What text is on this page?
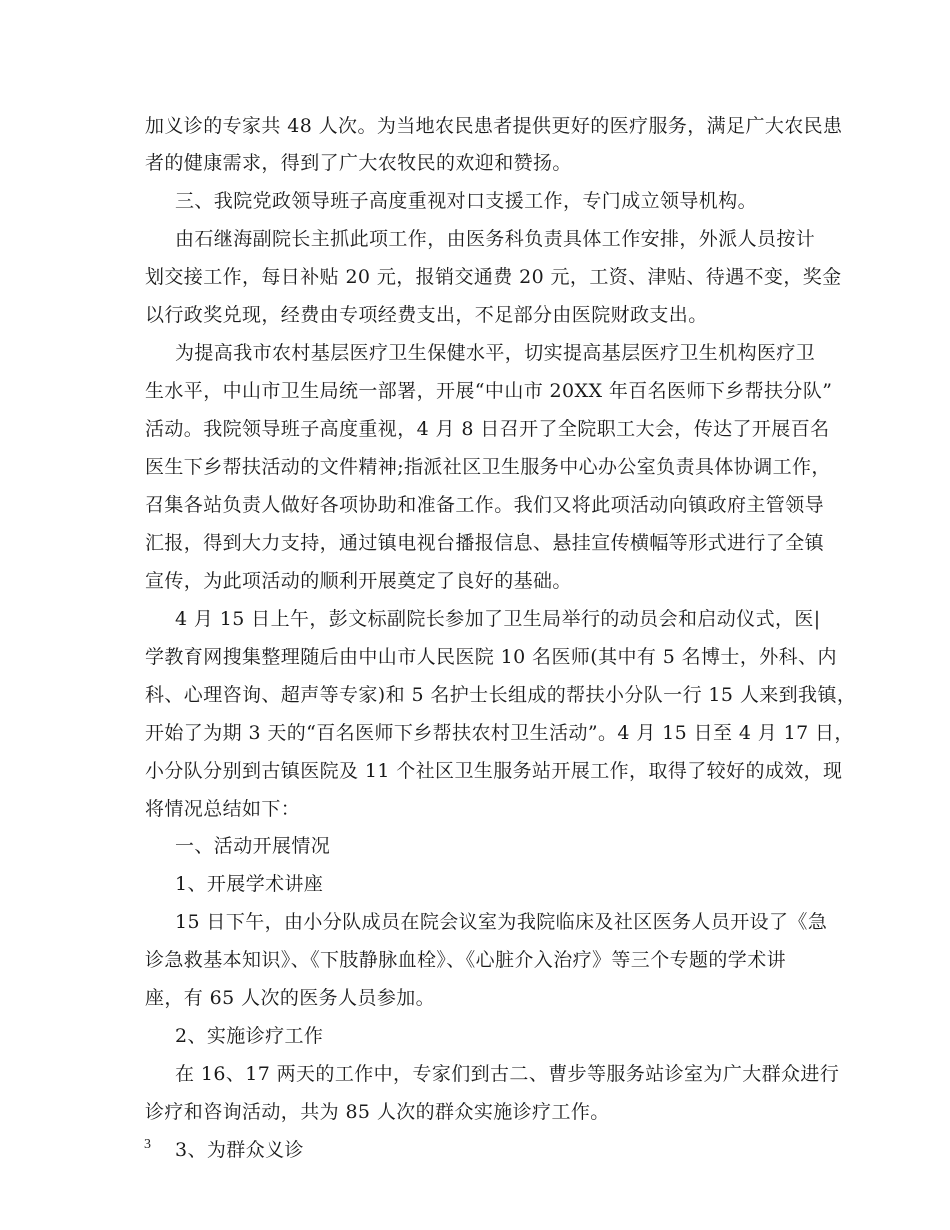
加义诊的专家共 48 人次。为当地农民患者提供更好的医疗服务，满足广大农民患
者的健康需求，得到了广大农牧民的欢迎和赞扬。
三、我院党政领导班子高度重视对口支援工作，专门成立领导机构。
由石继海副院长主抓此项工作，由医务科负责具体工作安排，外派人员按计
划交接工作，每日补贴 20 元，报销交通费 20 元，工资、津贴、待遇不变，奖金
以行政奖兑现，经费由专项经费支出，不足部分由医院财政支出。
为提高我市农村基层医疗卫生保健水平，切实提高基层医疗卫生机构医疗卫
生水平，中山市卫生局统一部署，开展“中山市 20XX 年百名医师下乡帮扶分队”
活动。我院领导班子高度重视，4 月 8 日召开了全院职工大会，传达了开展百名
医生下乡帮扶活动的文件精神;指派社区卫生服务中心办公室负责具体协调工作，
召集各站负责人做好各项协助和准备工作。我们又将此项活动向镇政府主管领导
汇报，得到大力支持，通过镇电视台播报信息、悬挂宣传横幅等形式进行了全镇
宣传，为此项活动的顺利开展奠定了良好的基础。
4 月 15 日上午，彭文标副院长参加了卫生局举行的动员会和启动仪式，医|
学教育网搜集整理随后由中山市人民医院 10 名医师(其中有 5 名博士，外科、内
科、心理咨询、超声等专家)和 5 名护士长组成的帮扶小分队一行 15 人来到我镇，
开始了为期 3 天的“百名医师下乡帮扶农村卫生活动”。4 月 15 日至 4 月 17 日，
小分队分别到古镇医院及 11 个社区卫生服务站开展工作，取得了较好的成效，现
将情况总结如下：
一、活动开展情况
1、开展学术讲座
15 日下午，由小分队成员在院会议室为我院临床及社区医务人员开设了《急
诊急救基本知识》、《下肢静脉血栓》、《心脏介入治疗》等三个专题的学术讲
座，有 65 人次的医务人员参加。
2、实施诊疗工作
在 16、17 两天的工作中，专家们到古二、曹步等服务站诊室为广大群众进行
诊疗和咨询活动，共为 85 人次的群众实施诊疗工作。
3、为群众义诊
3
